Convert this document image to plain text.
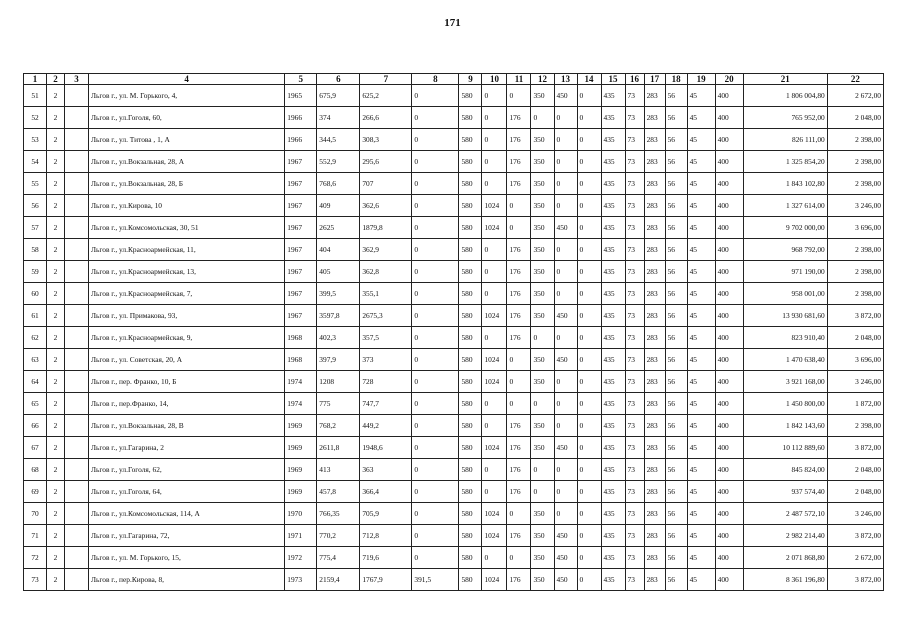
171
1	2	3	4	5	6	7	8	9	10	11	12	13	14	15	16	17	18	19	20	21	22
51	2		Льгов г., ул. М. Горького, 4,	1965	675,9	625,2	0	580	0	0	350	450	0	435	73	283	56	45	400	1 806 004,80	2 672,00
52	2		Льгов г., ул.Гоголя, 60,	1966	374	266,6	0	580	0	176	0	0	0	435	73	283	56	45	400	765 952,00	2 048,00
53	2		Льгов г., ул. Титова , 1, А	1966	344,5	308,3	0	580	0	176	350	0	0	435	73	283	56	45	400	826 111,00	2 398,00
54	2		Льгов г., ул.Вокзальная, 28, А	1967	552,9	295,6	0	580	0	176	350	0	0	435	73	283	56	45	400	1 325 854,20	2 398,00
55	2		Льгов г., ул.Вокзальная, 28, Б	1967	768,6	707	0	580	0	176	350	0	0	435	73	283	56	45	400	1 843 102,80	2 398,00
56	2		Льгов г., ул.Кирова, 10	1967	409	362,6	0	580	1024	0	350	0	0	435	73	283	56	45	400	1 327 614,00	3 246,00
57	2		Льгов г., ул.Комсомольская, 30, 51	1967	2625	1879,8	0	580	1024	0	350	450	0	435	73	283	56	45	400	9 702 000,00	3 696,00
58	2		Льгов г., ул.Красноармейская, 11,	1967	404	362,9	0	580	0	176	350	0	0	435	73	283	56	45	400	968 792,00	2 398,00
59	2		Льгов г., ул.Красноармейская, 13,	1967	405	362,8	0	580	0	176	350	0	0	435	73	283	56	45	400	971 190,00	2 398,00
60	2		Льгов г., ул.Красноармейская, 7,	1967	399,5	355,1	0	580	0	176	350	0	0	435	73	283	56	45	400	958 001,00	2 398,00
61	2		Льгов г., ул. Примакова, 93,	1967	3597,8	2675,3	0	580	1024	176	350	450	0	435	73	283	56	45	400	13 930 681,60	3 872,00
62	2		Льгов г., ул.Красноармейская, 9,	1968	402,3	357,5	0	580	0	176	0	0	0	435	73	283	56	45	400	823 910,40	2 048,00
63	2		Льгов г., ул. Советская, 20, А	1968	397,9	373	0	580	1024	0	350	450	0	435	73	283	56	45	400	1 470 638,40	3 696,00
64	2		Льгов г., пер. Франко, 10, Б	1974	1208	728	0	580	1024	0	350	0	0	435	73	283	56	45	400	3 921 168,00	3 246,00
65	2		Льгов г., пер.Франко, 14,	1974	775	747,7	0	580	0	0	0	0	0	435	73	283	56	45	400	1 450 800,00	1 872,00
66	2		Льгов г., ул.Вокзальная, 28, В	1969	768,2	449,2	0	580	0	176	350	0	0	435	73	283	56	45	400	1 842 143,60	2 398,00
67	2		Льгов г., ул.Гагарина, 2	1969	2611,8	1948,6	0	580	1024	176	350	450	0	435	73	283	56	45	400	10 112 889,60	3 872,00
68	2		Льгов г., ул.Гоголя, 62,	1969	413	363	0	580	0	176	0	0	0	435	73	283	56	45	400	845 824,00	2 048,00
69	2		Льгов г., ул.Гоголя, 64,	1969	457,8	366,4	0	580	0	176	0	0	0	435	73	283	56	45	400	937 574,40	2 048,00
70	2		Льгов г., ул.Комсомольская, 114, А	1970	766,35	705,9	0	580	1024	0	350	0	0	435	73	283	56	45	400	2 487 572,10	3 246,00
71	2		Льгов г., ул.Гагарина, 72,	1971	770,2	712,8	0	580	1024	176	350	450	0	435	73	283	56	45	400	2 982 214,40	3 872,00
72	2		Льгов г., ул. М. Горького, 15,	1972	775,4	719,6	0	580	0	0	350	450	0	435	73	283	56	45	400	2 071 868,80	2 672,00
73	2		Льгов г., пер.Кирова, 8,	1973	2159,4	1767,9	391,5	580	1024	176	350	450	0	435	73	283	56	45	400	8 361 196,80	3 872,00
